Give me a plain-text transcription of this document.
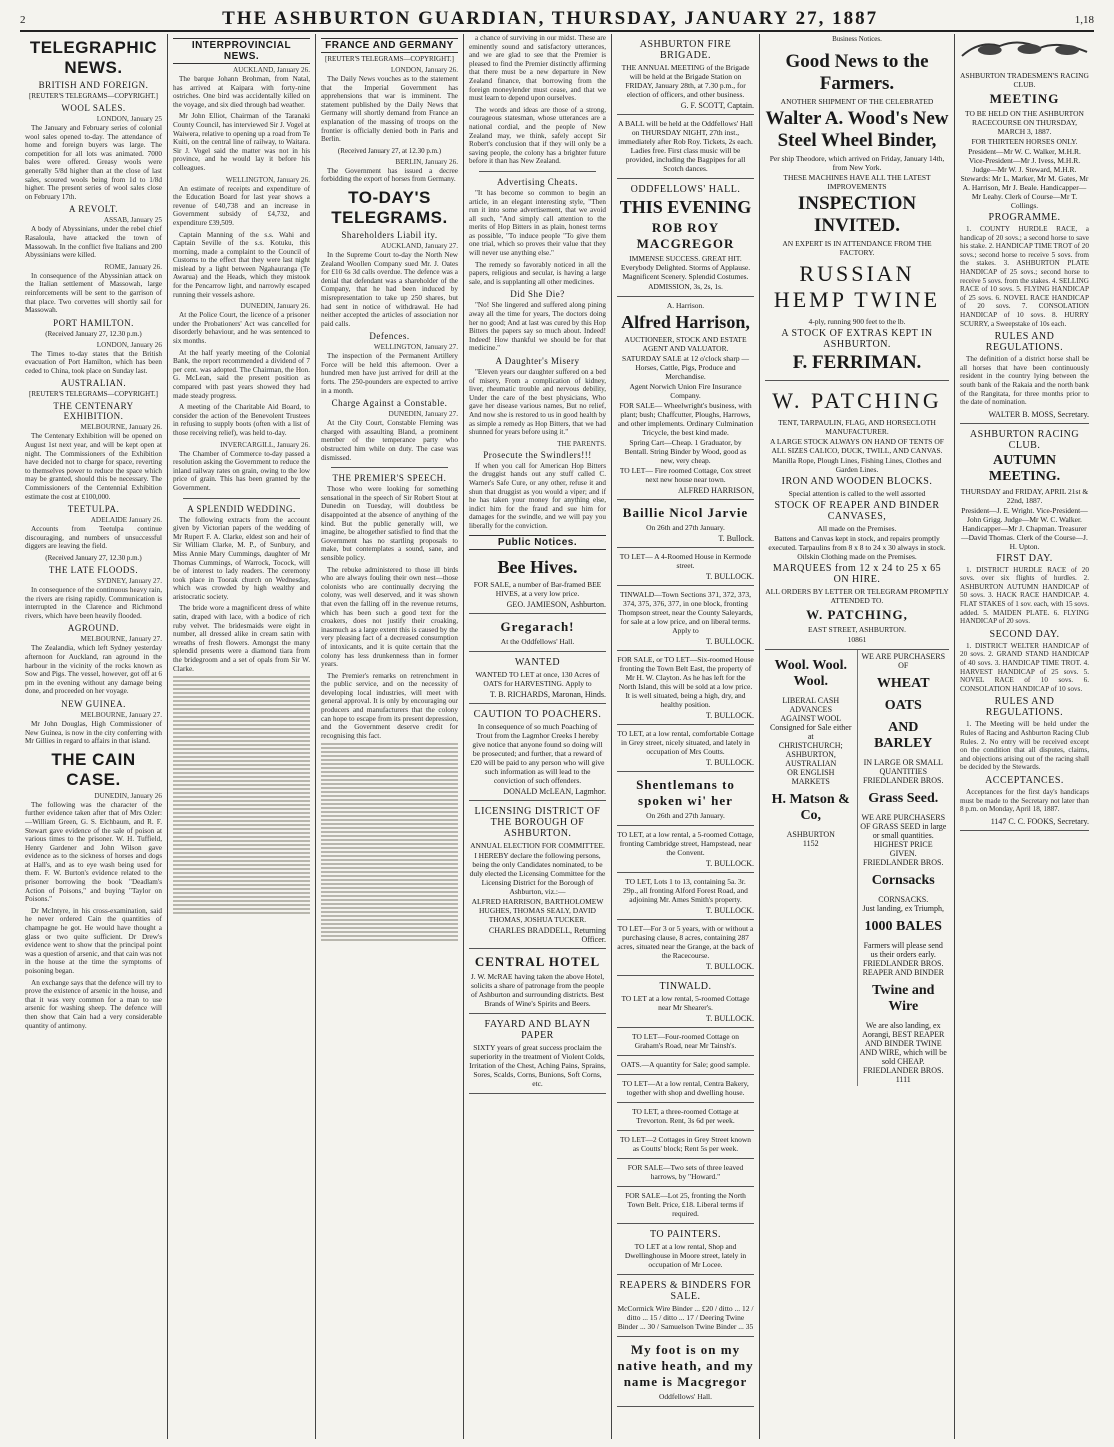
2	THE ASHBURTON GUARDIAN, THURSDAY, JANUARY 27, 1887	1,18
TELEGRAPHIC NEWS.
BRITISH AND FOREIGN.
[REUTER'S TELEGRAMS—COPYRIGHT.]
WOOL SALES.
LONDON, January 25

The January and February series of colonial wool sales opened to-day. The attendance of home and foreign buyers was large. The competition for all lots was animated. 7000 bales were offered. Greasy wools were generally 5/8d higher than at the close of last sales, scoured wools being from 1d to 1/8d higher. The present series of wool sales close on February 17th.

A REVOLT.
ASSAB, January 25

A body of Abyssinians, under the rebel chief Rasaloula, have attacked the town of Massowah. In the conflict five Italians and 200 Abyssinians were killed.

ROME, January 26.

In consequence of the Abyssinian attack on the Italian settlement of Massowah, large reinforcements will be sent to the garrison of that place. Two corvettes will shortly sail for Massowah.

PORT HAMILTON.
(Received January 27, 12.30 p.m.)
LONDON, January 26

The Times to-day states that the British evacuation of Port Hamilton, which has been ceded to China, took place on Sunday last.

AUSTRALIAN.
[REUTER'S TELEGRAMS—COPYRIGHT.]
THE CENTENARY EXHIBITION.
MELBOURNE, January 26.

The Centenary Exhibition will be opened on August 1st next year, and will be kept open at night. The Commissioners of the Exhibition have decided not to charge for space, reverting to themselves power to reduce the space which may be granted, should this be necessary. The Commissioners of the Centennial Exhibition estimate the cost at £100,000.

TEETULPA.
ADELAIDE January 26.

Accounts from Teetulpa continue discouraging, and numbers of unsuccessful diggers are leaving the field.

(Received January 27, 12.30 p.m.)
THE LATE FLOODS.
SYDNEY, January 27.

In consequence of the continuous heavy rain, the rivers are rising rapidly. Communication is interrupted in the Clarence and Richmond rivers, which have been heavily flooded.

AGROUND.
MELBOURNE, January 27.

The Zealandia, which left Sydney yesterday afternoon for Auckland, ran aground in the harbour in the vicinity of the rocks known as Sow and Pigs. The vessel, however, got off at 6 pm in the evening without any damage being done, and proceeded on her voyage.

NEW GUINEA.
MELBOURNE, January 27.

Mr John Douglas, High Commissioner of New Guinea, is now in the city conferring with Mr Gillies in regard to affairs in that island.

THE CAIN CASE.
DUNEDIN, January 26

The following was the character of the further evidence taken after that of Mrs Ozler:—William Green, G. S. Eichbaum, and R. F. Stewart gave evidence of the sale of poison at various times to the prisoner. W. H. Tuffield, Henry Gardener and John Wilson gave evidence as to the sickness of horses and dogs at Hall's, and as to eye wash being used for them. F. W. Burton's evidence related to the prisoner borrowing the book "Deadlam's Action of Poisons," and buying "Taylor on Poisons."

Dr McIntyre, in his cross-examination, said he never ordered Cain the quantities of champagne he got. He would have thought a glass or two quite sufficient. Dr Drew's evidence went to show that the principal point was a question of arsenic, and that cain was not in the house at the time the symptoms of poisoning began.

An exchange says that the defence will try to prove the existence of arsenic in the house, and that it was very common for a man to use arsenic for washing sheep. The defence will then show that Cain had a very considerable quantity of antimony.

INTERPROVINCIAL NEWS.
AUCKLAND, January 26.

The barque Johann Brohman, from Natal, has arrived at Kaipara with forty-nine ostriches. One bird was accidentally killed on the voyage, and six died through bad weather.

Mr John Elliot, Chairman of the Taranaki County Council, has interviewed Sir J. Vogel at Waiwera, relative to opening up a road from Te Kuiti, on the central line of railway, to Waitara. Sir J. Vogel said the matter was not in his province, and he would lay it before his colleagues.

WELLINGTON, January 26.

An estimate of receipts and expenditure of the Education Board for last year shows a revenue of £40,738 and an increase in Government subsidy of £4,732, and expenditure £39,509.

Captain Manning of the s.s. Wahi and Captain Seville of the s.s. Kotuku, this morning, made a complaint to the Council of Customs to the effect that they were last night mislead by a light between Ngahauranga (Te Awarua) and the Heads, which they mistook for the Pencarrow light, and narrowly escaped running their vessels ashore.

DUNEDIN, January 26.

At the Police Court, the licence of a prisoner under the Probationers' Act was cancelled for disorderly behaviour, and he was sentenced to six months.

At the half yearly meeting of the Colonial Bank, the report recommended a dividend of 7 per cent. was adopted. The Chairman, the Hon. G. McLean, said the present position as compared with past years showed they had made steady progress.

A meeting of the Charitable Aid Board, to consider the action of the Benevolent Trustees in refusing to supply boots (often with a list of those receiving relief), was held to-day.

INVERCARGILL, January 26.

The Chamber of Commerce to-day passed a resolution asking the Government to reduce the inland railway rates on grain, owing to the low price of grain. This has been granted by the Government.

A SPLENDID WEDDING.

The following extracts from the account given by Victorian papers of the wedding of Mr Rupert F. A. Clarke, eldest son and heir of Sir William Clarke, M. P., of Sunbury, and Miss Annie Mary Cummings, daughter of Mr Thomas Cummings, of Warrock, Tocock, will be of interest to lady readers. The ceremony took place in Toorak church on Wednesday, which was crowded by high wealthy and aristocratic society.

The bride wore a magnificent dress of white satin, draped with lace, with a bodice of rich ruby velvet. The bridesmaids were eight in number, all dressed alike in cream satin with wreaths of fresh flowers. Amongst the many splendid presents were a diamond tiara from the bridegroom and a set of opals from Sir W. Clarke.

FRANCE AND GERMANY
[REUTER'S TELEGRAMS—COPYRIGHT.]
LONDON, January 26.

The Daily News vouches as to the statement that the Imperial Government has apprehensions that war is imminent. The statement published by the Daily News that Germany will shortly demand from France an explanation of the massing of troops on the frontier is officially denied both in Paris and Berlin.

(Received January 27, at 12.30 p.m.)
BERLIN, January 26.

The Government has issued a decree forbidding the export of horses from Germany.

TO-DAY'S TELEGRAMS.
Shareholders Liabil ity.
AUCKLAND, January 27.

In the Supreme Court to-day the North New Zealand Woollen Company sued Mr. J. Oates for £10 6s 3d calls overdue. The defence was a denial that defendant was a shareholder of the Company, that he had been induced by misrepresentation to take up 250 shares, but had sent in notice of withdrawal. He had neither accepted the articles of association nor paid calls.

Defences.
WELLINGTON, January 27.

The inspection of the Permanent Artillery Force will be held this afternoon. Over a hundred men have just arrived for drill at the forts. The 250-pounders are expected to arrive in a month.

Charge Against a Constable.
DUNEDIN, January 27.

At the City Court, Constable Fleming was charged with assaulting Bland, a prominent member of the temperance party who obstructed him while on duty. The case was dismissed.

THE PREMIER'S SPEECH.

Those who were looking for something sensational in the speech of Sir Robert Stout at Dunedin on Tuesday, will doubtless be disappointed at the absence of anything of the kind. But the public generally will, we imagine, be altogether satisfied to find that the Government has no startling proposals to make, but contemplates a sound, sane, and sensible policy.

The rebuke administered to those ill birds who are always fouling their own nest—those colonists who are continually decrying the colony, was well deserved, and it was shown that even the falling off in the revenue returns, which has been such a good text for the croakers, does not justify their croaking, inasmuch as a large extent this is caused by the very pleasing fact of a decreased consumption of intoxicants, and it is quite certain that the colony has less drunkenness than in former years.

The Premier's remarks on retrenchment in the public service, and on the necessity of developing local industries, will meet with general approval. It is only by encouraging our producers and manufacturers that the colony can hope to escape from its present depression, and the Government deserve credit for recognising this fact.

a chance of surviving in our midst. These are eminently sound and satisfactory utterances, and we are glad to see that the Premier is pleased to find the Premier distinctly affirming that there must be a new departure in New Zealand finance, that borrowing from the foreign moneylender must cease, and that we must learn to depend upon ourselves.

The words and ideas are those of a strong, courageous statesman, whose utterances are a national cordial, and the people of New Zealand may, we think, safely accept Sir Robert's conclusion that if they will only be a saving people, the colony has a brighter future before it than has New Zealand.

Advertising Cheats.

"It has become so common to begin an article, in an elegant interesting style, "Then run it into some advertisement, that we avoid all such, "And simply call attention to the merits of Hop Bitters in as plain, honest terms as possible, "To induce people "To give them one trial, which so proves their value that they will never use anything else."

The remedy so favorably noticed in all the papers, religious and secular, is having a large sale, and is supplanting all other medicines.

Did She Die?

"No! She lingered and suffered along pining away all the time for years, The doctors doing her no good; And at last was cured by this Hop Bitters the papers say so much about. Indeed! Indeed! How thankful we should be for that medicine."

A Daughter's Misery

"Eleven years our daughter suffered on a bed of misery, From a complication of kidney, liver, rheumatic trouble and nervous debility, Under the care of the best physicians, Who gave her disease various names, But no relief, And now she is restored to us in good health by as simple a remedy as Hop Bitters, that we had shunned for years before using it."

THE PARENTS.
Prosecute the Swindlers!!!

If when you call for American Hop Bitters the druggist hands out any stuff called C. Warner's Safe Cure, or any other, refuse it and shun that druggist as you would a viper; and if he has taken your money for anything else, indict him for the fraud and sue him for damages for the swindle, and we will pay you liberally for the conviction.

Public Notices.
Bee Hives.
FOR SALE, a number of Bar-framed BEE HIVES, at a very low price.
GEO. JAMIESON, Ashburton.
Gregarach!
At the Oddfellows' Hall.
WANTED
WANTED TO LET at once, 130 Acres of OATS for HARVESTING. Apply to
T. B. RICHARDS, Maronan, Hinds.
CAUTION TO POACHERS.
In consequence of so much Poaching of Trout from the Lagmhor Creeks I hereby give notice that anyone found so doing will be prosecuted; and further, that a reward of £20 will be paid to any person who will give such information as will lead to the conviction of such offenders.
DONALD McLEAN, Lagmhor.
LICENSING DISTRICT OF THE BOROUGH OF ASHBURTON.
ANNUAL ELECTION FOR COMMITTEE.
I HEREBY declare the following persons, being the only Candidates nominated, to be duly elected the Licensing Committee for the Licensing District for the Borough of Ashburton, viz.:—
ALFRED HARRISON, BARTHOLOMEW HUGHES, THOMAS SEALY, DAVID THOMAS, JOSHUA TUCKER.
CHARLES BRADDELL, Returning Officer.
CENTRAL HOTEL
J. W. McRAE having taken the above Hotel, solicits a share of patronage from the people of Ashburton and surrounding districts. Best Brands of Wine's Spirits and Beers.
FAYARD AND BLAYN PAPER
SIXTY years of great success proclaim the superiority in the treatment of Violent Colds, Irritation of the Chest, Aching Pains, Sprains, Sores, Scalds, Corns, Bunions, Soft Corns, etc.
ASHBURTON FIRE BRIGADE.
THE ANNUAL MEETING of the Brigade will be held at the Brigade Station on FRIDAY, January 28th, at 7.30 p.m., for election of officers, and other business.
G. F. SCOTT, Captain.
A BALL will be held at the Oddfellows' Hall on THURSDAY NIGHT, 27th inst., immediately after Rob Roy. Tickets, 2s each. Ladies free. First class music will be provided, including the Bagpipes for all Scotch dances.
ODDFELLOWS' HALL.
THIS EVENING
ROB ROY MACGREGOR
IMMENSE SUCCESS. GREAT HIT. Everybody Delighted. Storms of Applause. Magnificent Scenery. Splendid Costumes.
ADMISSION, 3s, 2s, 1s.
A. Harrison.
Alfred Harrison,
AUCTIONEER, STOCK AND ESTATE AGENT AND VALUATOR.
SATURDAY SALE at 12 o'clock sharp — Horses, Cattle, Pigs, Produce and Merchandise.
Agent Norwich Union Fire Insurance Company.
FOR SALE— Wheelwright's business, with plant; bush; Chaffcutter, Ploughs, Harrows, and other implements. Ordinary Culmination Tricycle, the best kind made.
Spring Cart—Cheap. 1 Graduator, by Bentall. String Binder by Wood, good as new, very cheap.
TO LET— Fire roomed Cottage, Cox street next new house near town.
ALFRED HARRISON,
Baillie Nicol Jarvie
On 26th and 27th January.
T. Bullock.
TO LET— A 4-Roomed House in Kermode street.
T. BULLOCK.
TINWALD—Town Sections 371, 372, 373, 374, 375, 376, 377, in one block, fronting Thompson street, near the County Saleyards, for sale at a low price, and on liberal terms. Apply to
T. BULLOCK.
FOR SALE, or TO LET—Six-roomed House fronting the Town Belt East, the property of Mr H. W. Clayton. As he has left for the North Island, this will be sold at a low price. It is well situated, being a high, dry, and healthy position.
T. BULLOCK.
TO LET, at a low rental, comfortable Cottage in Grey street, nicely situated, and lately in occupation of Mrs Coutts.
T. BULLOCK.
Shentlemans to spoken wi' her
On 26th and 27th January.
TO LET, at a low rental, a 5-roomed Cottage, fronting Cambridge street, Hampstead, near the Convent.
T. BULLOCK.
TO LET, Lots 1 to 13, containing 5a. 3r. 29p., all fronting Alford Forest Road, and adjoining Mr. Ames Smith's property.
T. BULLOCK.
TO LET—For 3 or 5 years, with or without a purchasing clause, 8 acres, containing 287 acres, situated near the Grange, at the back of the Racecourse.
T. BULLOCK.
TINWALD.
TO LET at a low rental, 5-roomed Cottage near Mr Shearer's.
T. BULLOCK.
TO LET—Four-roomed Cottage on Graham's Road, near Mr Tainsh's.
OATS.—A quantity for Sale; good sample.
TO LET—At a low rental, Centra Bakery, together with shop and dwelling house.
TO LET, a three-roomed Cottage at Trevorton. Rent, 3s 6d per week.
TO LET—2 Cottages in Grey Street known as Coutts' block; Rent 5s per week.
FOR SALE—Two sets of three leaved harrows, by "Howard."
FOR SALE—Lot 25, fronting the North Town Belt. Price, £18. Liberal terms if required.
TO PAINTERS.
TO LET at a low rental, Shop and Dwellinghouse in Moore street, lately in occupation of Mr Locee.
REAPERS & BINDERS FOR SALE.
McCormick Wire Binder ... £20 / ditto ... 12 / ditto ... 15 / ditto ... 17 / Deering Twine Binder ... 30 / Samuelson Twine Binder ... 35
My foot is on my native heath, and my name is Macgregor
Oddfellows' Hall.
Business Notices.
Good News to the Farmers.
ANOTHER SHIPMENT OF THE CELEBRATED
Walter A. Wood's New Steel Wheel Binder,
Per ship Theodore, which arrived on Friday, January 14th, from New York.
THESE MACHINES HAVE ALL THE LATEST IMPROVEMENTS
INSPECTION INVITED.
AN EXPERT IS IN ATTENDANCE FROM THE FACTORY.
RUSSIAN HEMP TWINE
4-ply, running 900 feet to the lb.
A STOCK OF EXTRAS KEPT IN ASHBURTON.
F. FERRIMAN.
W. PATCHING
TENT, TARPAULIN, FLAG, AND HORSECLOTH MANUFACTURER.
A LARGE STOCK ALWAYS ON HAND OF TENTS OF ALL SIZES CALICO, DUCK, TWILL, AND CANVAS.
Manilla Rope, Plough Lines, Fishing Lines, Clothes and Garden Lines.
IRON AND WOODEN BLOCKS.
Special attention is called to the well assorted
STOCK OF REAPER AND BINDER CANVASES,
All made on the Premises.
Battens and Canvas kept in stock, and repairs promptly executed. Tarpaulins from 8 x 8 to 24 x 30 always in stock. Oilskin Clothing made on the Premises.
MARQUEES from 12 x 24 to 25 x 65 ON HIRE.
ALL ORDERS BY LETTER OR TELEGRAM PROMPTLY ATTENDED TO.
W. PATCHING,
EAST STREET, ASHBURTON.
10861
Wool. Wool. Wool.
LIBERAL CASH ADVANCES
AGAINST WOOL
Consigned for Sale either at
CHRISTCHURCH;
ASHBURTON,
AUSTRALIAN
OR ENGLISH MARKETS
H. Matson & Co,
ASHBURTON
1152
WE ARE PURCHASERS OF
WHEAT
OATS
AND BARLEY
IN LARGE OR SMALL QUANTITIES
FRIEDLANDER BROS.
Grass Seed.
WE ARE PURCHASERS OF GRASS SEED in large or small quantities. HIGHEST PRICE GIVEN.
FRIEDLANDER BROS.
Cornsacks
CORNSACKS.
Just landing, ex Triumph,
1000 BALES
Farmers will please send us their orders early.
FRIEDLANDER BROS.
REAPER AND BINDER
Twine and Wire
We are also landing, ex Aorangi, BEST REAPER AND BINDER TWINE AND WIRE, which will be sold CHEAP.
FRIEDLANDER BROS.
1111
ASHBURTON TRADESMEN'S RACING CLUB.
MEETING
TO BE HELD ON THE ASHBURTON RACECOURSE ON THURSDAY, MARCH 3, 1887.
FOR THIRTEEN HORSES ONLY.
President—Mr W. C. Walker, M.H.R. Vice-President—Mr J. Ivess, M.H.R. Judge—Mr W. J. Steward, M.H.R. Stewards: Mr L. Marker, Mr M. Gates, Mr A. Harrison, Mr J. Beale. Handicapper—Mr Leahy. Clerk of Course—Mr T. Collings.
PROGRAMME.

1. COUNTY HURDLE RACE, a handicap of 20 sovs.; a second horse to save his stake. 2. HANDICAP TIME TROT of 20 sovs.; second horse to receive 5 sovs. from the stakes. 3. ASHBURTON PLATE HANDICAP of 25 sovs.; second horse to receive 5 sovs. from the stakes. 4. SELLING RACE of 10 sovs. 5. FLYING HANDICAP of 25 sovs. 6. NOVEL RACE HANDICAP of 20 sovs. 7. CONSOLATION HANDICAP of 10 sovs. 8. HURRY SCURRY, a Sweepstake of 10s each.

RULES AND REGULATIONS.

The definition of a district horse shall be all horses that have been continuously resident in the country lying between the south bank of the Rakaia and the north bank of the Rangitata, for three months prior to the date of nomination.

WALTER B. MOSS, Secretary.
ASHBURTON RACING CLUB.
AUTUMN MEETING.
THURSDAY and FRIDAY, APRIL 21st & 22nd, 1887.
President—J. E. Wright. Vice-President—John Grigg. Judge—Mr W. C. Walker. Handicapper—Mr J. Chapman. Treasurer—David Thomas. Clerk of the Course—J. H. Upton.
FIRST DAY.

1. DISTRICT HURDLE RACE of 20 sovs. over six flights of hurdles. 2. ASHBURTON AUTUMN HANDICAP of 50 sovs. 3. HACK RACE HANDICAP. 4. FLAT STAKES of 1 sov. each, with 15 sovs. added. 5. MAIDEN PLATE. 6. FLYING HANDICAP of 20 sovs.

SECOND DAY.

1. DISTRICT WELTER HANDICAP of 20 sovs. 2. GRAND STAND HANDICAP of 40 sovs. 3. HANDICAP TIME TROT. 4. HARVEST HANDICAP of 25 sovs. 5. NOVEL RACE of 10 sovs. 6. CONSOLATION HANDICAP of 10 sovs.

RULES AND REGULATIONS.

1. The Meeting will be held under the Rules of Racing and Ashburton Racing Club Rules. 2. No entry will be received except on the condition that all disputes, claims, and objections arising out of the racing shall be decided by the Stewards.

ACCEPTANCES.

Acceptances for the first day's handicaps must be made to the Secretary not later than 8 p.m. on Monday, April 18, 1887.

1147 C. C. FOOKS, Secretary.
